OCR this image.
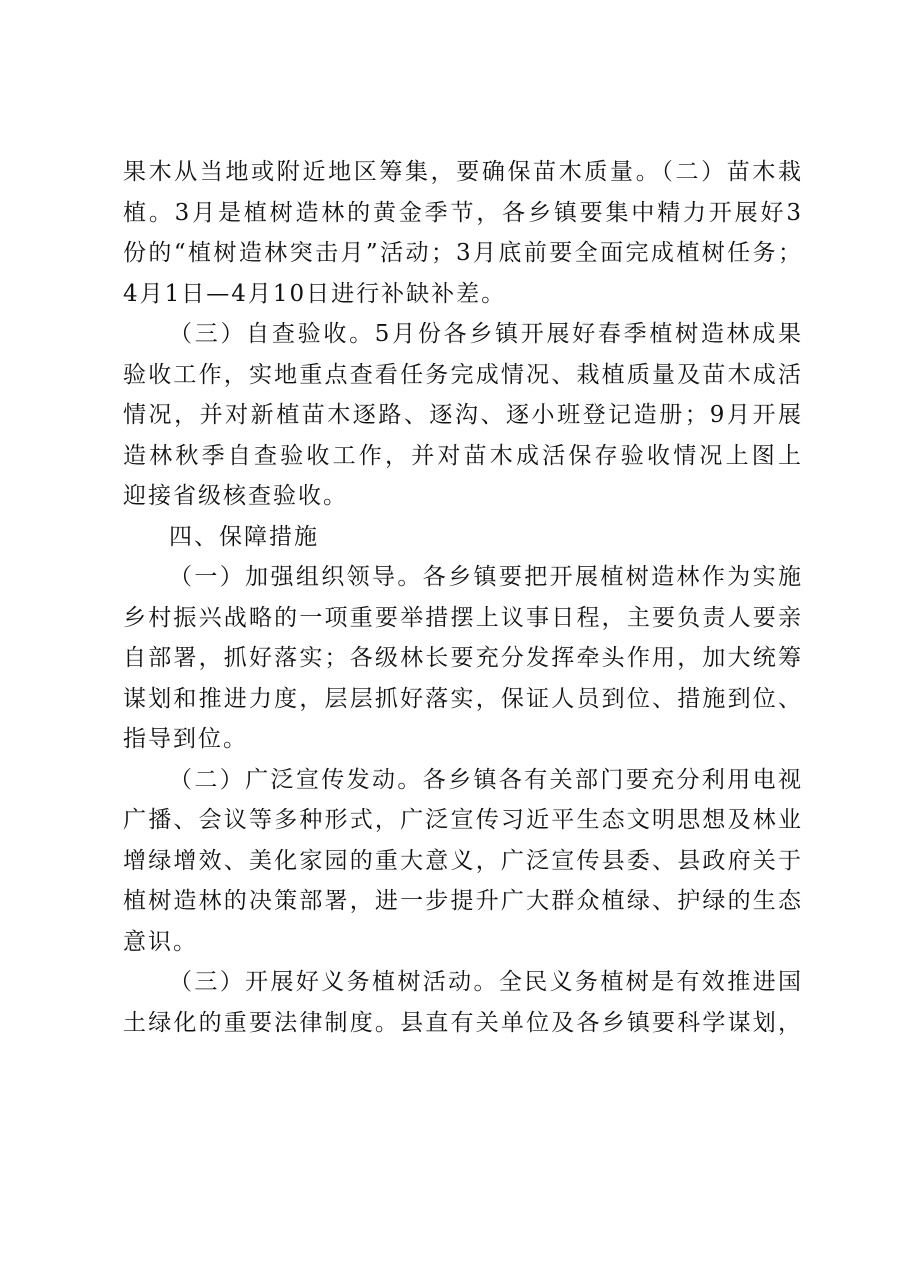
果木从当地或附近地区筹集，要确保苗木质量。（二）苗木栽
植。3月是植树造林的黄金季节，各乡镇要集中精力开展好3
份的“植树造林突击月”活动；3月底前要全面完成植树任务；
4月1日—4月10日进行补缺补差。
（三）自查验收。5月份各乡镇开展好春季植树造林成果
验收工作，实地重点查看任务完成情况、栽植质量及苗木成活
情况，并对新植苗木逐路、逐沟、逐小班登记造册；9月开展
造林秋季自查验收工作，并对苗木成活保存验收情况上图上
迎接省级核查验收。
四、保障措施
（一）加强组织领导。各乡镇要把开展植树造林作为实施
乡村振兴战略的一项重要举措摆上议事日程，主要负责人要亲
自部署，抓好落实；各级林长要充分发挥牵头作用，加大统筹
谋划和推进力度，层层抓好落实，保证人员到位、措施到位、
指导到位。
（二）广泛宣传发动。各乡镇各有关部门要充分利用电视
广播、会议等多种形式，广泛宣传习近平生态文明思想及林业
增绿增效、美化家园的重大意义，广泛宣传县委、县政府关于
植树造林的决策部署，进一步提升广大群众植绿、护绿的生态
意识。
（三）开展好义务植树活动。全民义务植树是有效推进国
土绿化的重要法律制度。县直有关单位及各乡镇要科学谋划，
